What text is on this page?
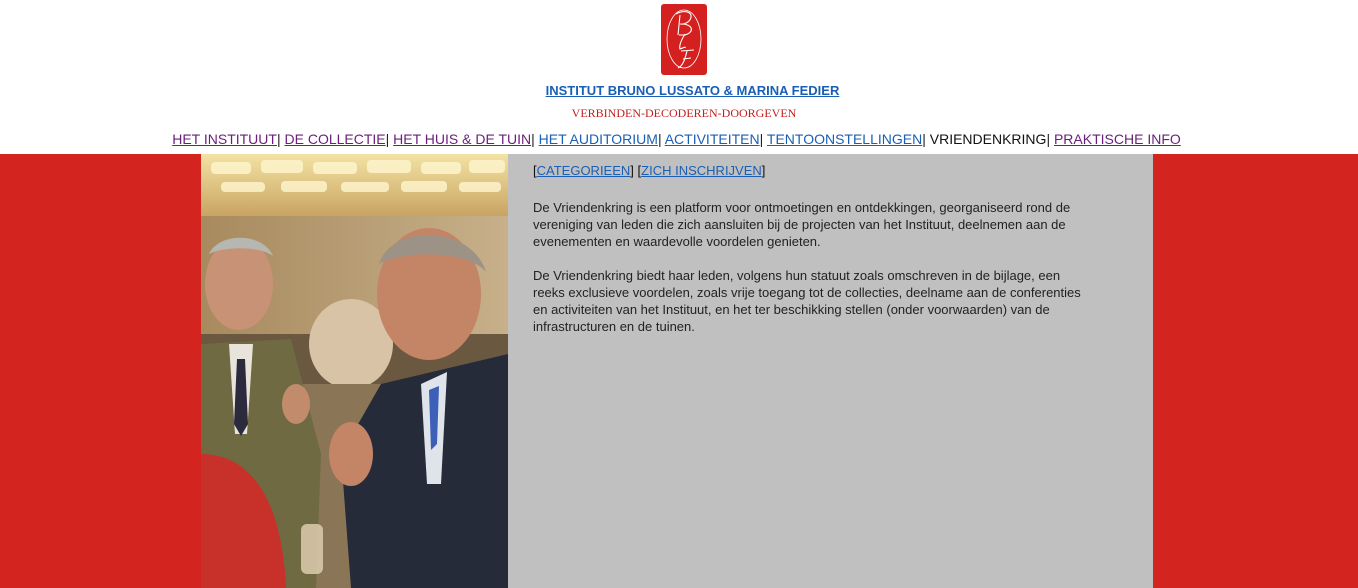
INSTITUT BRUNO LUSSATO & MARINA FEDIER
VERBINDEN-DECODEREN-DOORGEVEN
HET INSTITUUT| DE COLLECTIE| HET HUIS & DE TUIN| HET AUDITORIUM| ACTIVITEITEN| TENTOONSTELLINGEN| VRIENDENKRING| PRAKTISCHE INFO
[CATEGORIEEN] [ZICH INSCHRIJVEN]

De Vriendenkring is een platform voor ontmoetingen en ontdekkingen, georganiseerd rond de vereniging van leden die zich aansluiten bij de projecten van het Instituut, deelnemen aan de evenementen en waardevolle voordelen genieten.

De Vriendenkring biedt haar leden, volgens hun statuut zoals omschreven in de bijlage, een reeks exclusieve voordelen, zoals vrije toegang tot de collecties, deelname aan de conferenties en activiteiten van het Instituut, en het ter beschikking stellen (onder voorwaarden) van de infrastructuren en de tuinen.
